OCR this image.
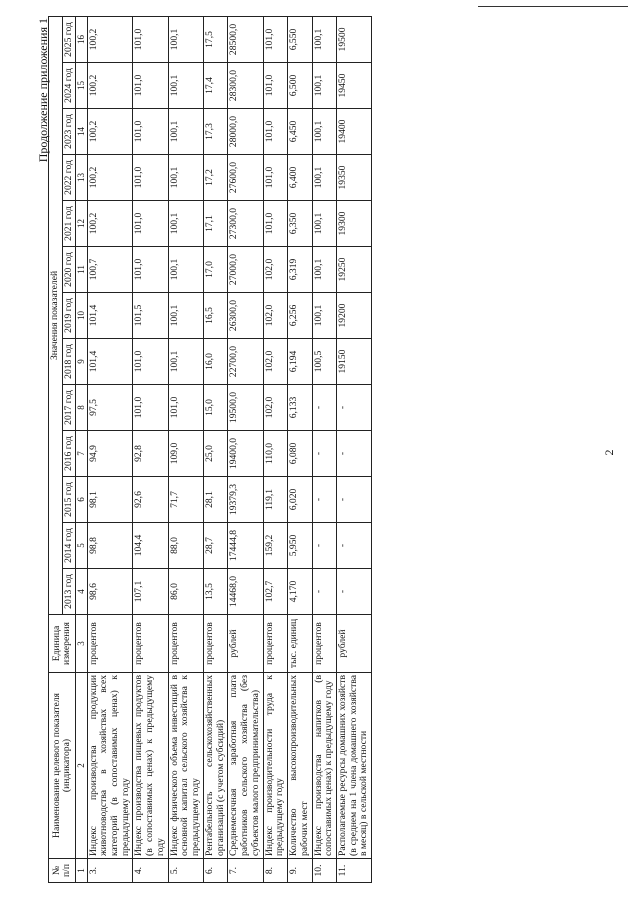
2
Продолжение приложения 1
№ п/п	Наименование целевого показателя (индикатора)	Единица измерения	Значения показателей												
			2013 год	2014 год	2015 год	2016 год	2017 год	2018 год	2019 год	2020 год	2021 год	2022 год	2023 год	2024 год	2025 год
1	2	3	4	5	6	7	8	9	10	11	12	13	14	15	16
3.	Индекс производства продукции животноводства в хозяйствах всех категорий (в сопоставимых ценах) к предыдущему году	процентов	98,6	98,8	98,1	94,9	97,5	101,4	101,4	100,7	100,2	100,2	100,2	100,2	100,2
4.	Индекс производства пищевых продуктов (в сопоставимых ценах) к предыдущему году	процентов	107,1	104,4	92,6	92,8	101,0	101,0	101,5	101,0	101,0	101,0	101,0	101,0	101,0
5.	Индекс физического объема инвестиций в основной капитал сельского хозяйства к предыдущему году	процентов	86,0	88,0	71,7	109,0	101,0	100,1	100,1	100,1	100,1	100,1	100,1	100,1	100,1
6.	Рентабельность сельскохозяйственных организаций (с учетом субсидий)	процентов	13,5	28,7	28,1	25,0	15,0	16,0	16,5	17,0	17,1	17,2	17,3	17,4	17,5
7.	Среднемесячная заработная плата работников сельского хозяйства (без субъектов малого предпринимательства)	рублей	14468,0	17444,8	19379,3	19400,0	19500,0	22700,0	26300,0	27000,0	27300,0	27600,0	28000,0	28300,0	28500,0
8.	Индекс производительности труда к предыдущему году	процентов	102,7	159,2	119,1	110,0	102,0	102,0	102,0	102,0	101,0	101,0	101,0	101,0	101,0
9.	Количество высокопроизводительных рабочих мест	тыс. единиц	4,170	5,950	6,020	6,080	6,133	6,194	6,256	6,319	6,350	6,400	6,450	6,500	6,550
10.	Индекс производства напитков (в сопоставимых ценах) к предыдущему году	процентов	-	-	-	-	-	100,5	100,1	100,1	100,1	100,1	100,1	100,1	100,1
11.	Располагаемые ресурсы домашних хозяйств (в среднем на 1 члена домашнего хозяйства в месяц) в сельской местности	рублей	-	-	-	-	-	19150	19200	19250	19300	19350	19400	19450	19500
